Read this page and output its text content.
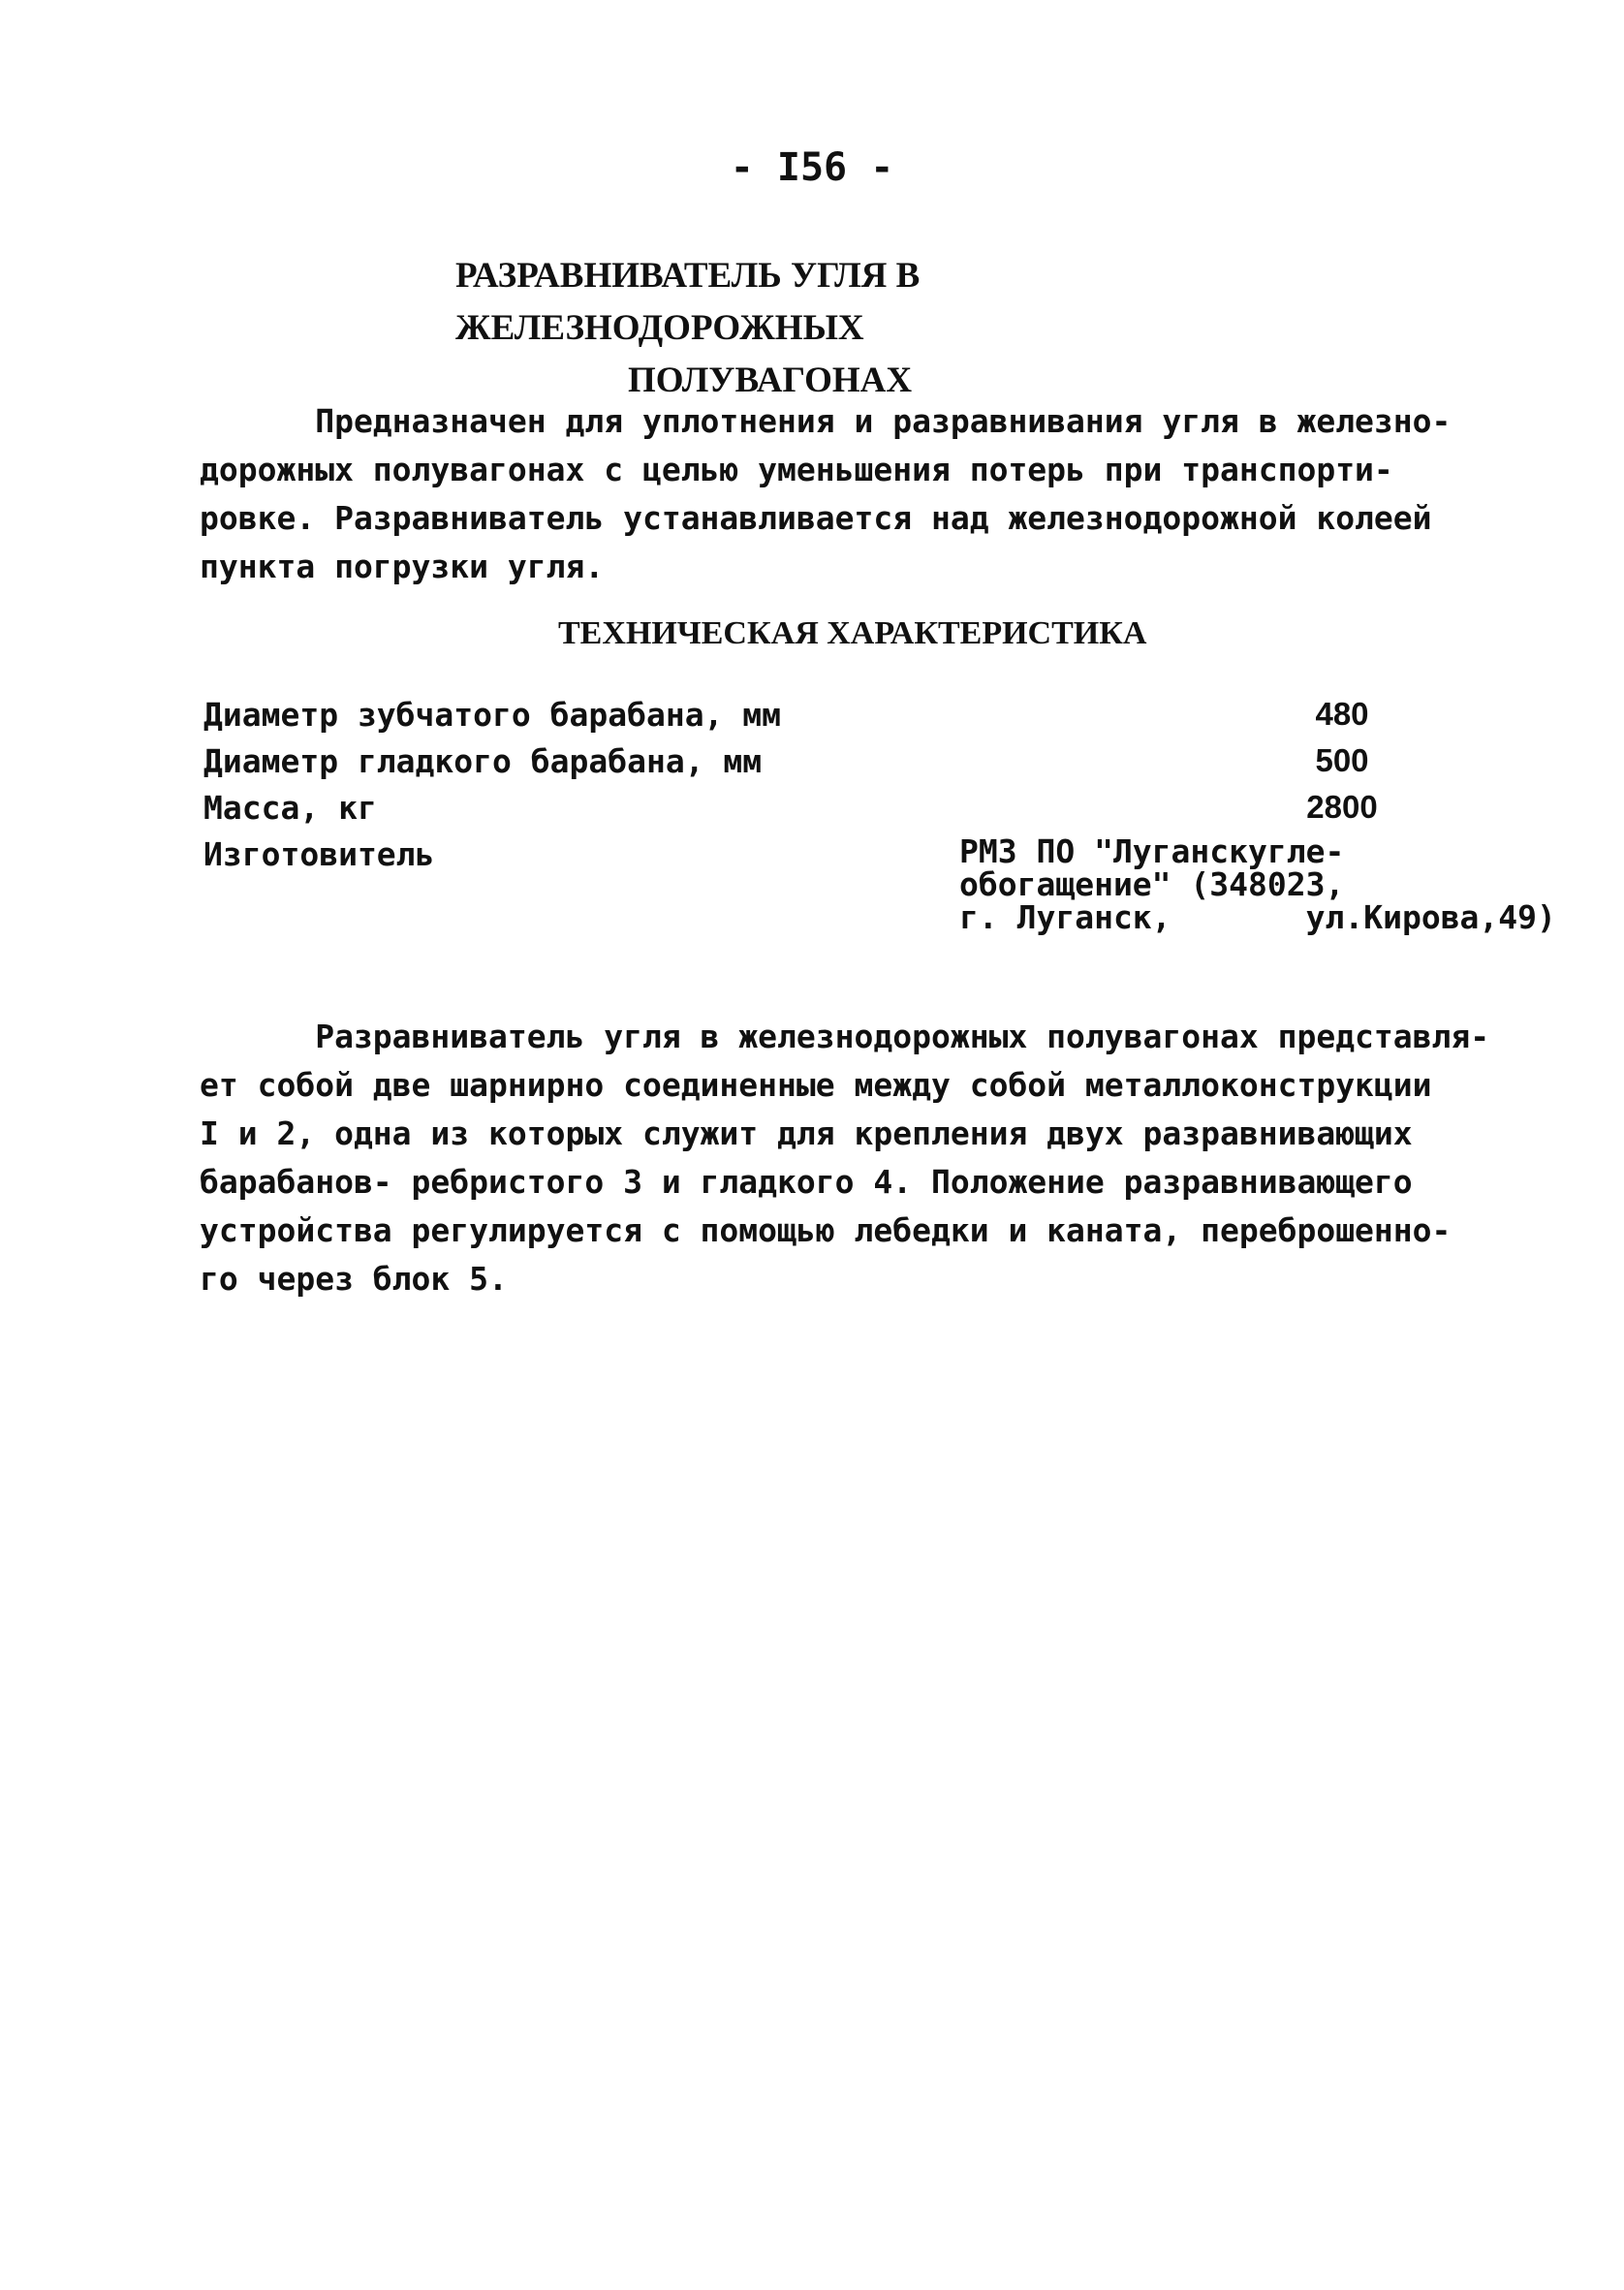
- I56 -
РАЗРАВНИВАТЕЛЬ УГЛЯ В ЖЕЛЕЗНОДОРОЖНЫХ
ПОЛУВАГОНАХ
Предназначен для уплотнения и разравнивания угля в железно-
дорожных полувагонах с целью уменьшения потерь при транспорти-
ровке. Разравниватель устанавливается над железнодорожной колеей
пункта погрузки угля.
ТЕХНИЧЕСКАЯ ХАРАКТЕРИСТИКА
Диаметр зубчатого барабана, мм	480
Диаметр гладкого барабана, мм	500
Масса, кг	2800
Изготовитель	РМЗ ПО "Луганскугле-
обогащение" (348023,
г. Луганск,       ул.Кирова,49)
Разравниватель угля в железнодорожных полувагонах представля-
ет собой две шарнирно соединенные между собой металлоконструкции
I и 2, одна из которых служит для крепления двух разравнивающих
барабанов- ребристого 3 и гладкого 4. Положение разравнивающего
устройства регулируется с помощью лебедки и каната, переброшенно-
го через блок 5.
